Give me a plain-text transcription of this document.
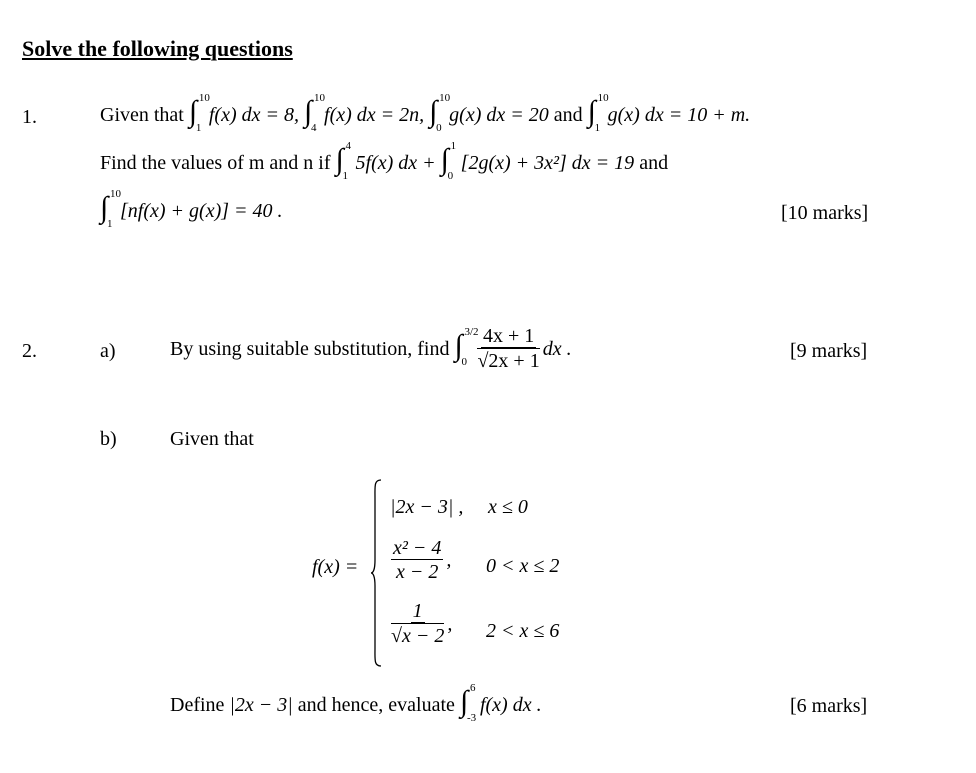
Solve the following questions
1.	Given that
∫ 10
1
f(x) dx = 8,
∫ 10
4
f(x) dx = 2n,
∫ 10
0
g(x) dx = 20
and
∫ 10
1
g(x) dx = 10 + m.
Find the values of m and n if
∫ 4
1
5f(x) dx +
∫ 1
0
[2g(x) + 3x²] dx = 19
and
∫ 10
1
[nf(x) + g(x)] = 40 .	[10 marks]
2.	a)	By using suitable substitution, find
∫ 3/2
$0 \frac{4x + 1}{√2x + 1}$ dx .	[9 marks]
b)	Given that
f(x) =
|2x − 3| , x ≤ 0
$\frac{\text{x² − 4}}{x - 2}$ , 0 < x ≤ 2
$\frac{1}{√x - 2}$ , 2 < x ≤ 6
Define
|2x − 3|
and hence, evaluate
∫ 6
-3
f(x) dx .	[6 marks]
